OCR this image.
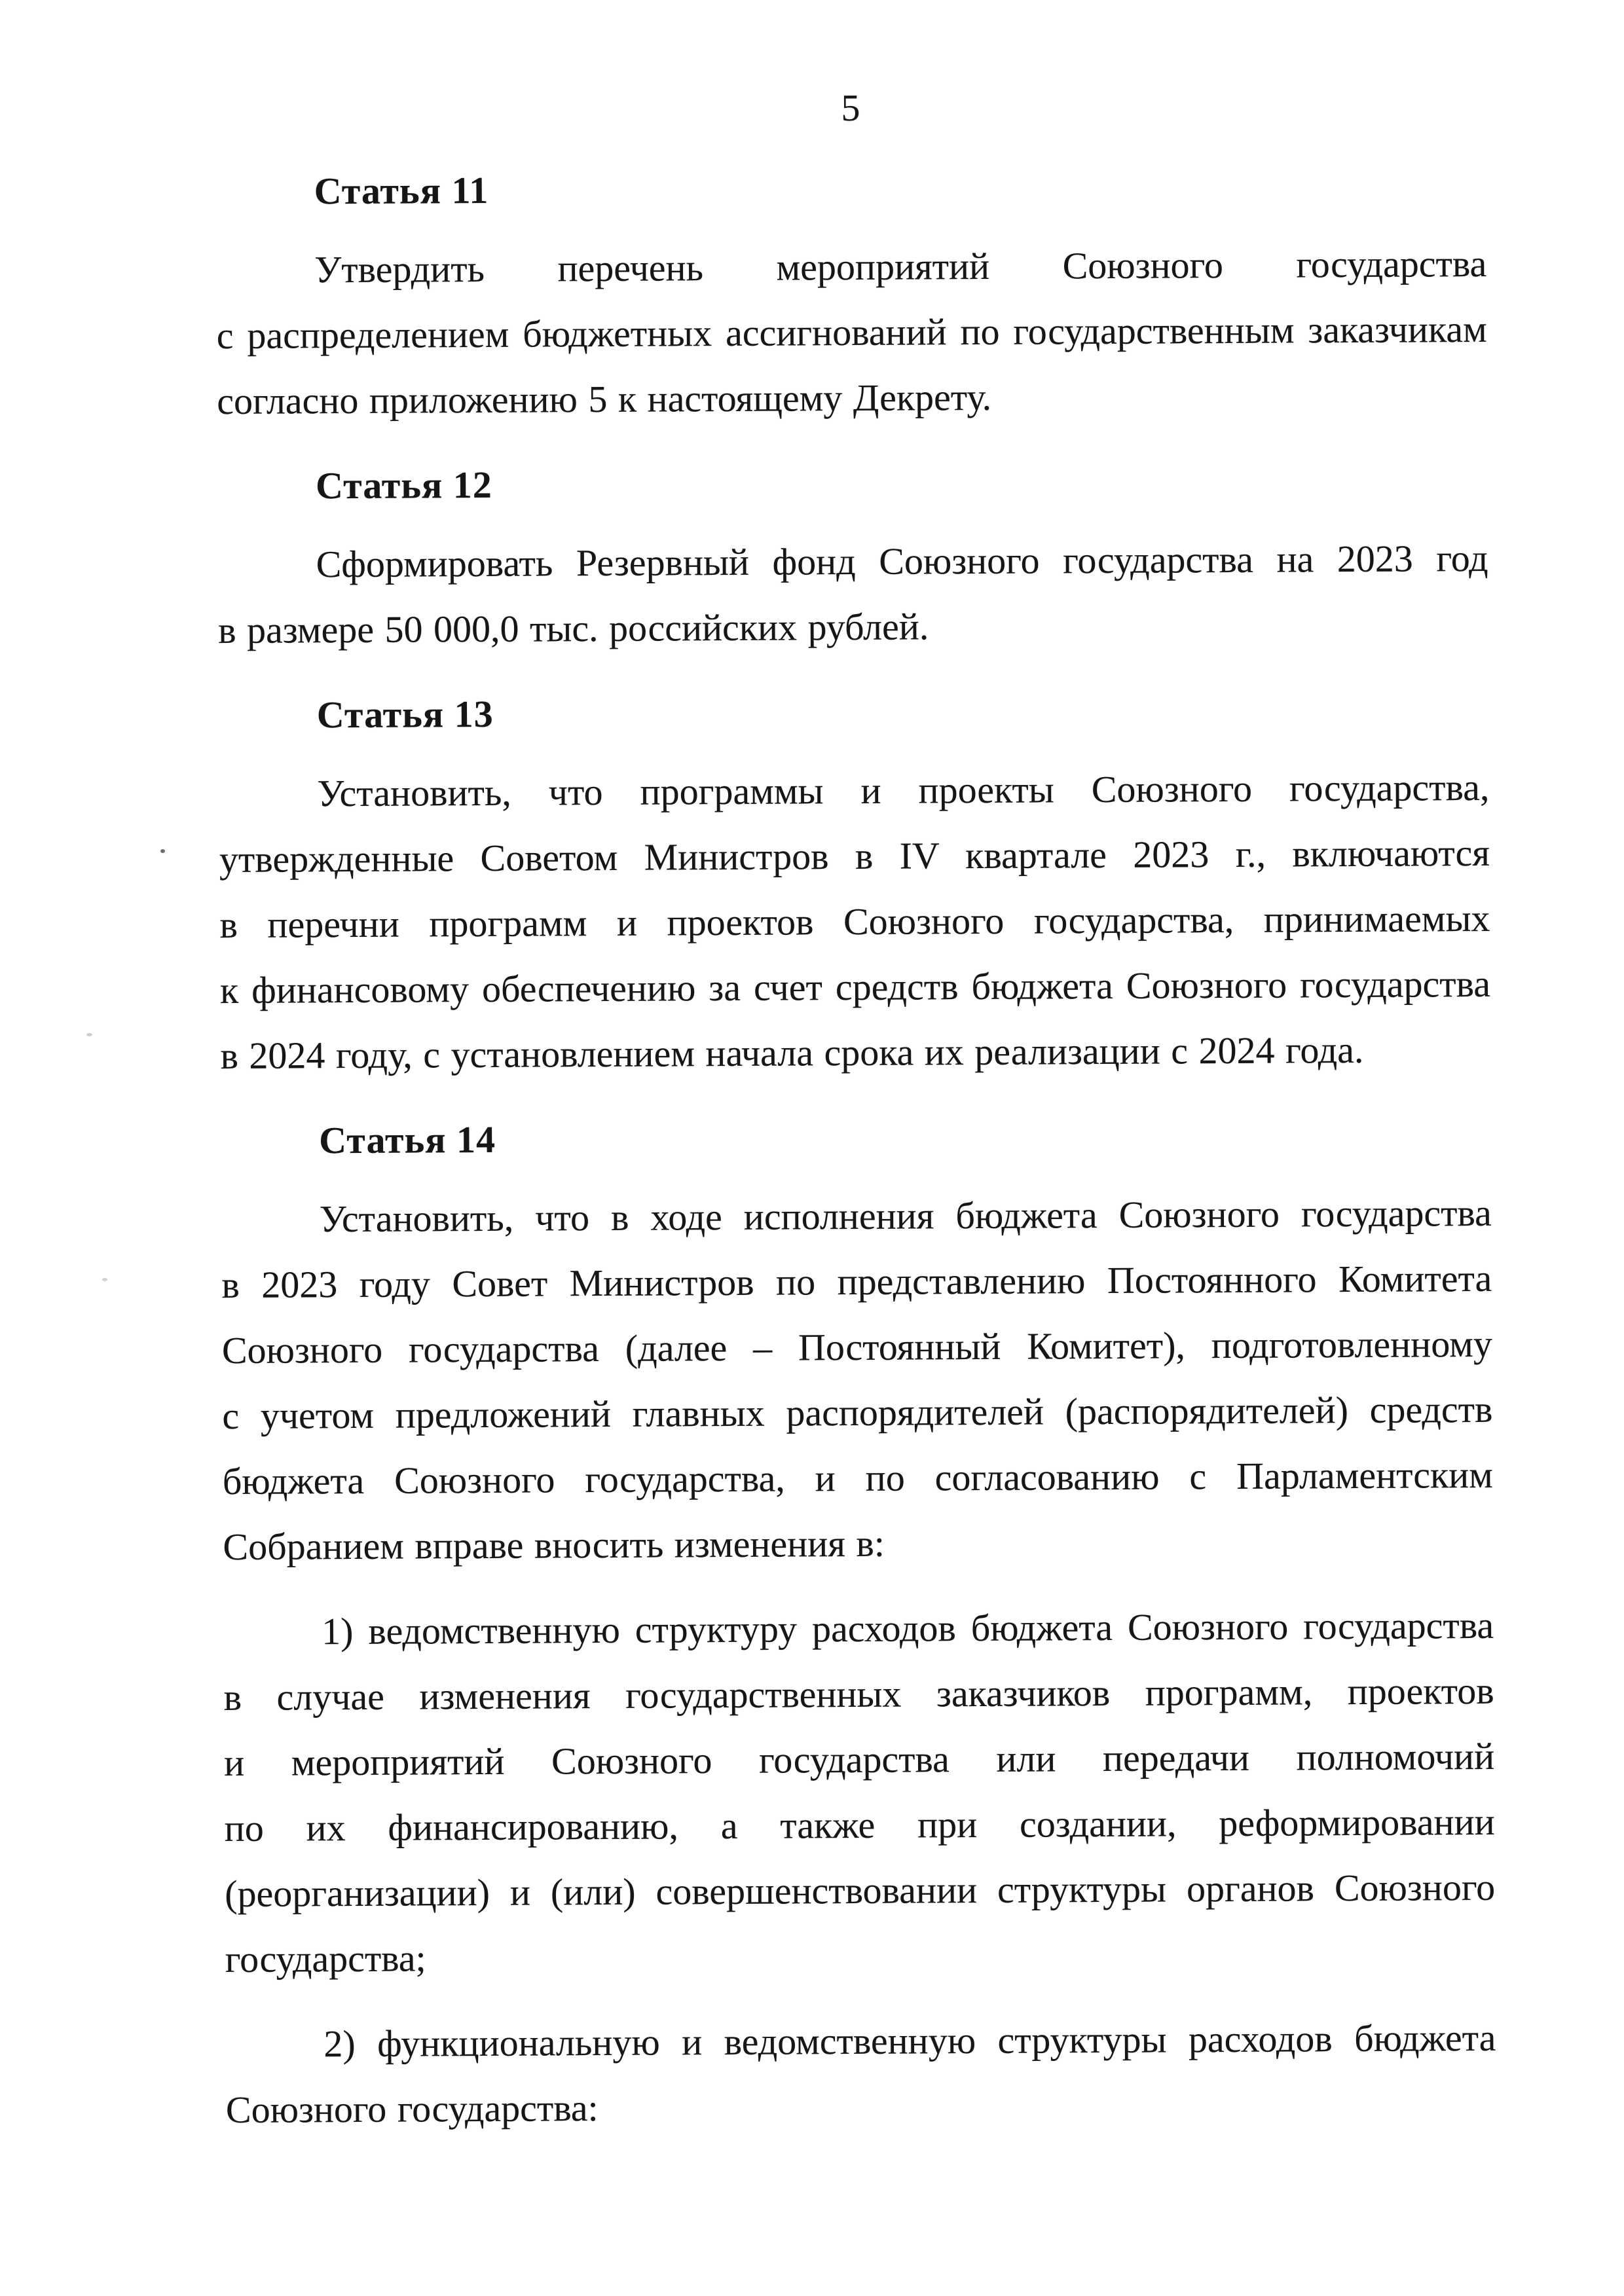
5
Статья 11
Утвердить перечень мероприятий Союзного государства
с распределением бюджетных ассигнований по государственным заказчикам
согласно приложению 5 к настоящему Декрету.
Статья 12
Сформировать Резервный фонд Союзного государства на 2023 год
в размере 50 000,0 тыс. российских рублей.
Статья 13
Установить, что программы и проекты Союзного государства,
утвержденные Советом Министров в IV квартале 2023 г., включаются
в перечни программ и проектов Союзного государства, принимаемых
к финансовому обеспечению за счет средств бюджета Союзного государства
в 2024 году, с установлением начала срока их реализации с 2024 года.
Статья 14
Установить, что в ходе исполнения бюджета Союзного государства
в 2023 году Совет Министров по представлению Постоянного Комитета
Союзного государства (далее – Постоянный Комитет), подготовленному
с учетом предложений главных распорядителей (распорядителей) средств
бюджета Союзного государства, и по согласованию с Парламентским
Собранием вправе вносить изменения в:
1) ведомственную структуру расходов бюджета Союзного государства
в случае изменения государственных заказчиков программ, проектов
и мероприятий Союзного государства или передачи полномочий
по их финансированию, а также при создании, реформировании
(реорганизации) и (или) совершенствовании структуры органов Союзного
государства;
2) функциональную и ведомственную структуры расходов бюджета
Союзного государства:
